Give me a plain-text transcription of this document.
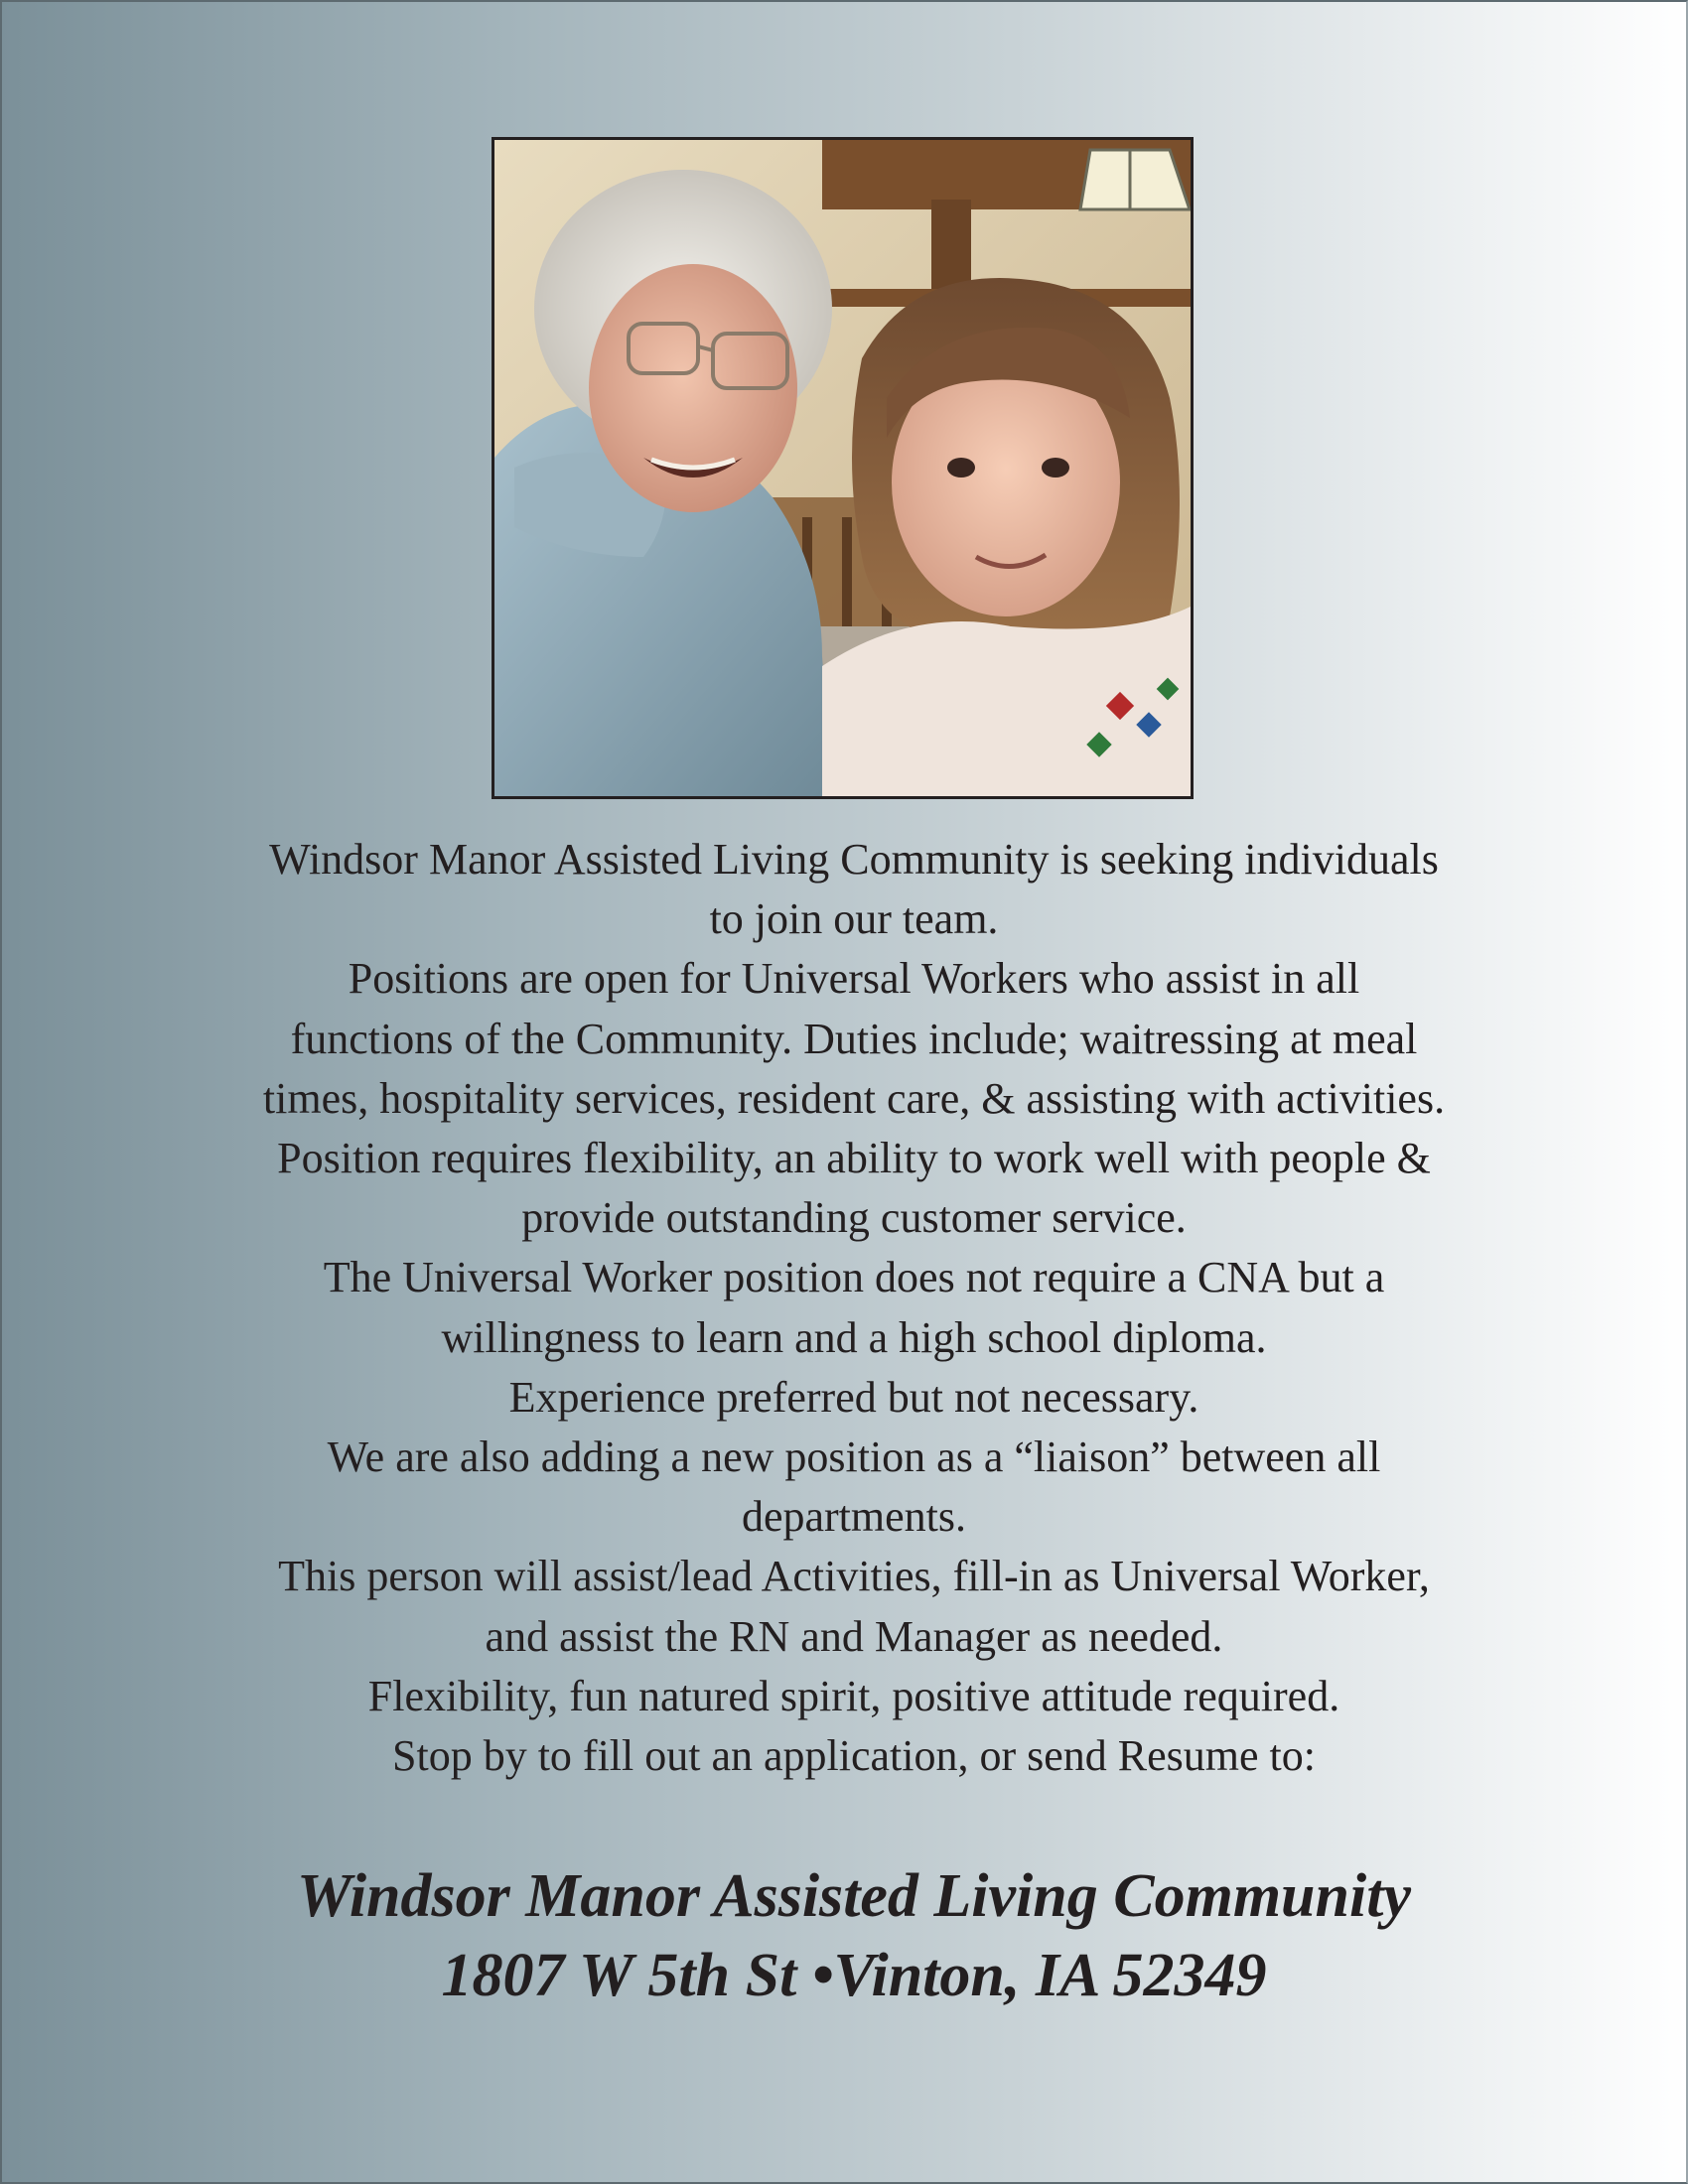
Windsor Manor Assisted Living Community is seeking individuals

to join our team.

Positions are open for Universal Workers who assist in all

functions of the Community. Duties include; waitressing at meal

times, hospitality services, resident care, & assisting with activities.

Position requires flexibility, an ability to work well with people &

provide outstanding customer service.

The Universal Worker position does not require a CNA but a

willingness to learn and a high school diploma.

Experience preferred but not necessary.

We are also adding a new position as a “liaison” between all

departments.

This person will assist/lead Activities, fill-in as Universal Worker,

and assist the RN and Manager as needed.

Flexibility, fun natured spirit, positive attitude required.

Stop by to fill out an application, or send Resume to:

Windsor Manor Assisted Living Community

1807 W 5th St •Vinton, IA 52349
